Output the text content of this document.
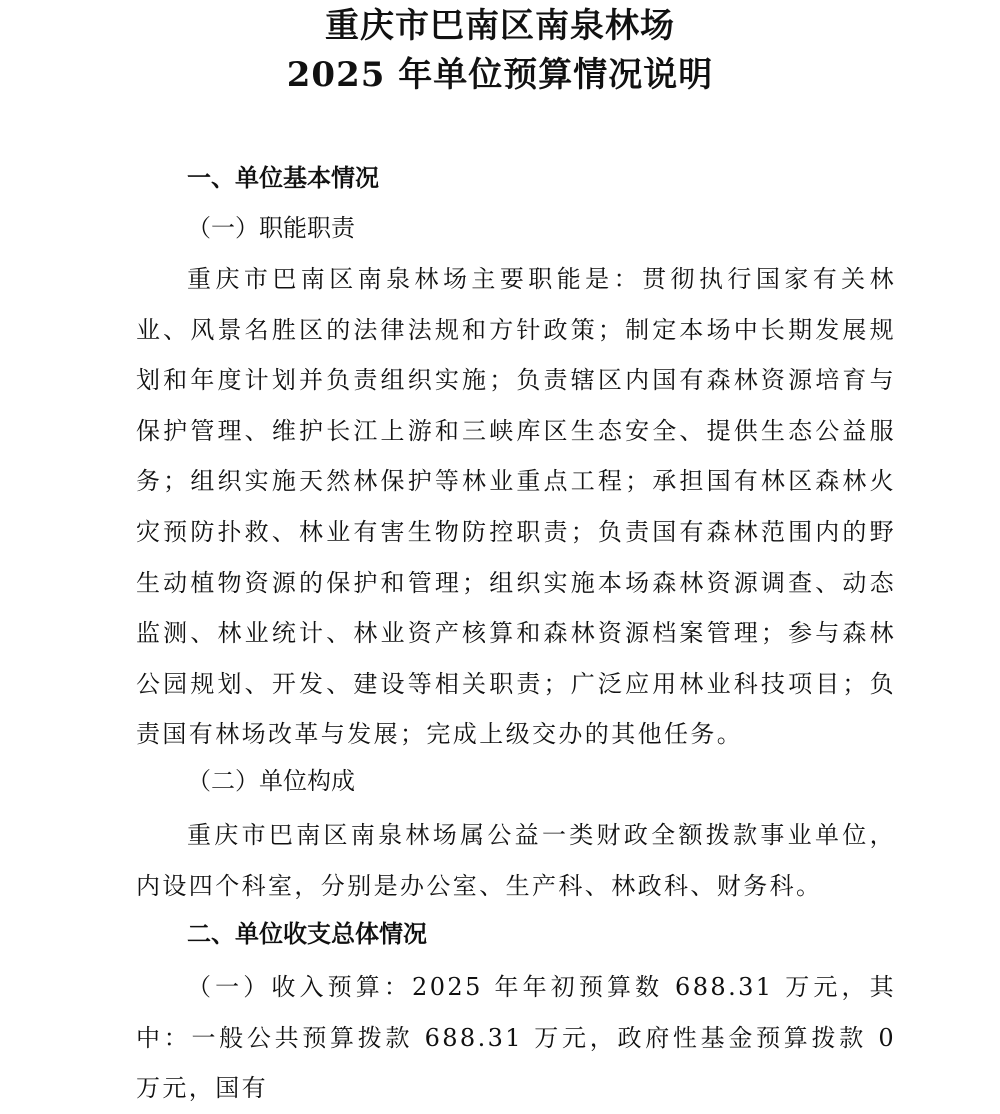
重庆市巴南区南泉林场
2025 年单位预算情况说明
一、单位基本情况
（一）职能职责
重庆市巴南区南泉林场主要职能是：贯彻执行国家有关林业、风景名胜区的法律法规和方针政策；制定本场中长期发展规划和年度计划并负责组织实施；负责辖区内国有森林资源培育与保护管理、维护长江上游和三峡库区生态安全、提供生态公益服务；组织实施天然林保护等林业重点工程；承担国有林区森林火灾预防扑救、林业有害生物防控职责；负责国有森林范围内的野生动植物资源的保护和管理；组织实施本场森林资源调查、动态监测、林业统计、林业资产核算和森林资源档案管理；参与森林公园规划、开发、建设等相关职责；广泛应用林业科技项目；负责国有林场改革与发展；完成上级交办的其他任务。
（二）单位构成
重庆市巴南区南泉林场属公益一类财政全额拨款事业单位，内设四个科室，分别是办公室、生产科、林政科、财务科。
二、单位收支总体情况
（一）收入预算：2025 年年初预算数 688.31 万元，其中：一般公共预算拨款 688.31 万元，政府性基金预算拨款 0 万元，国有
